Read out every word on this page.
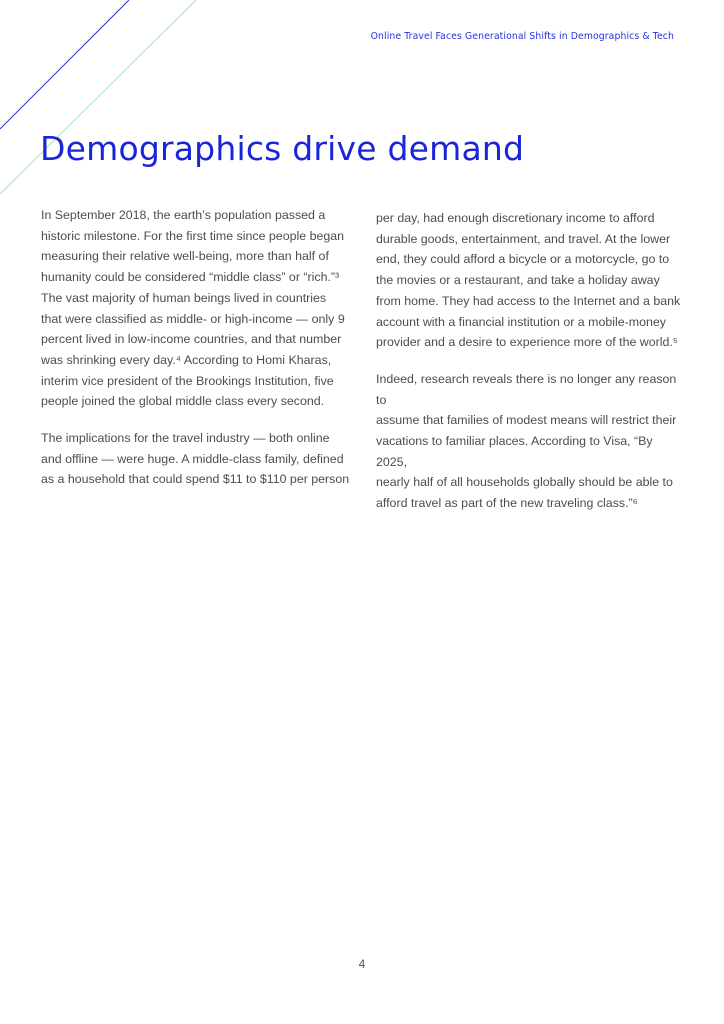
Online Travel Faces Generational Shifts in Demographics & Tech
Demographics drive demand

In September 2018, the earth’s population passed a
historic milestone. For the first time since people began
measuring their relative well-being, more than half of
humanity could be considered “middle class” or “rich.”³
The vast majority of human beings lived in countries
that were classified as middle- or high-income — only 9
percent lived in low-income countries, and that number
was shrinking every day.⁴ According to Homi Kharas,
interim vice president of the Brookings Institution, five
people joined the global middle class every second.

The implications for the travel industry — both online
and offline — were huge. A middle-class family, defined
as a household that could spend $11 to $110 per person

per day, had enough discretionary income to afford
durable goods, entertainment, and travel. At the lower
end, they could afford a bicycle or a motorcycle, go to
the movies or a restaurant, and take a holiday away
from home. They had access to the Internet and a bank
account with a financial institution or a mobile-money
provider and a desire to experience more of the world.⁵

Indeed, research reveals there is no longer any reason to
assume that families of modest means will restrict their
vacations to familiar places. According to Visa, “By 2025,
nearly half of all households globally should be able to
afford travel as part of the new traveling class.”⁶

4
